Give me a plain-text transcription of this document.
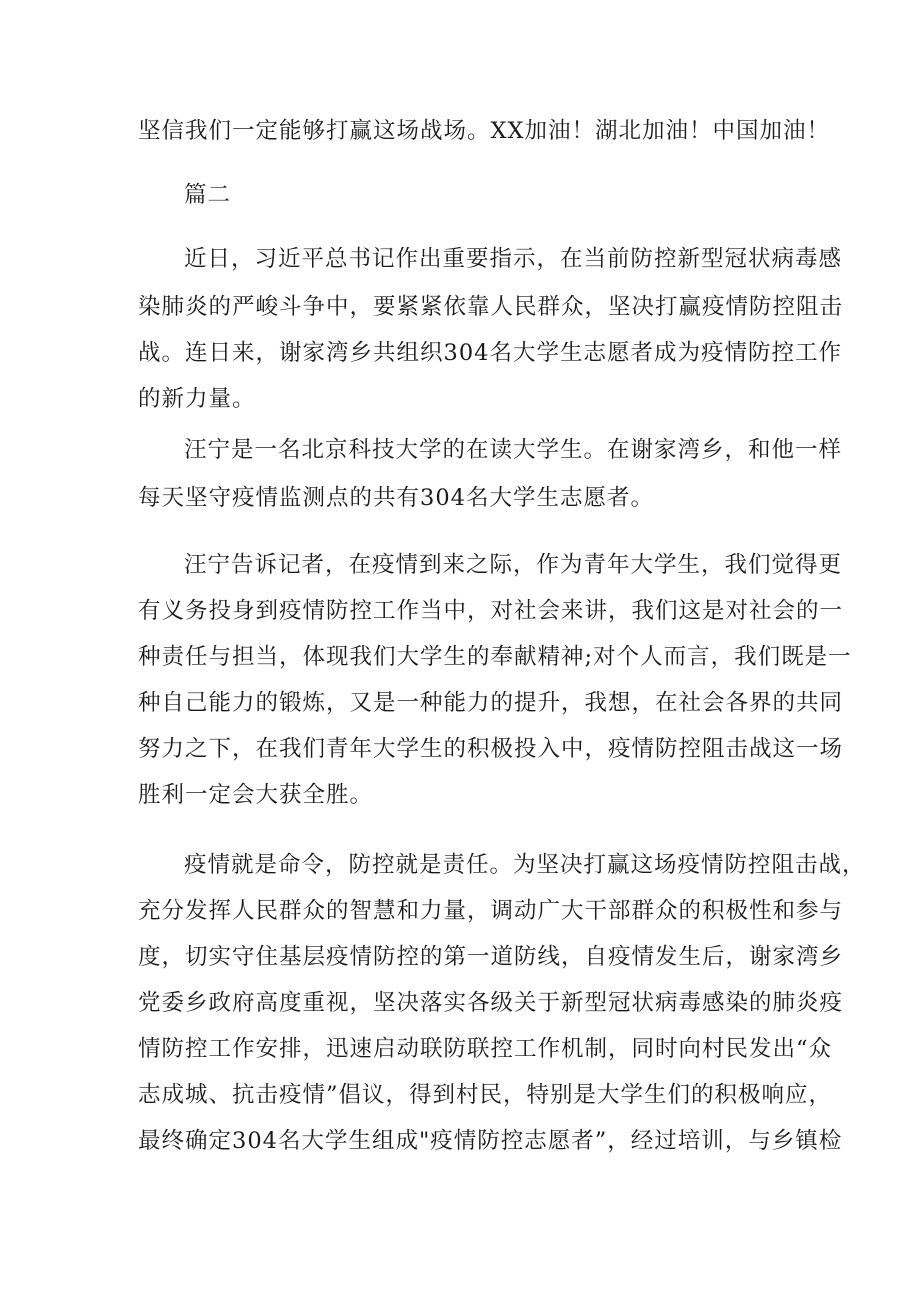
坚信我们一定能够打赢这场战场。XX加油！湖北加油！中国加油！
篇二
近日，习近平总书记作出重要指示，在当前防控新型冠状病毒感
染肺炎的严峻斗争中，要紧紧依靠人民群众，坚决打赢疫情防控阻击
战。连日来，谢家湾乡共组织304名大学生志愿者成为疫情防控工作
的新力量。
汪宁是一名北京科技大学的在读大学生。在谢家湾乡，和他一样
每天坚守疫情监测点的共有304名大学生志愿者。
汪宁告诉记者，在疫情到来之际，作为青年大学生，我们觉得更
有义务投身到疫情防控工作当中，对社会来讲，我们这是对社会的一
种责任与担当，体现我们大学生的奉献精神;对个人而言，我们既是一
种自己能力的锻炼，又是一种能力的提升，我想，在社会各界的共同
努力之下，在我们青年大学生的积极投入中，疫情防控阻击战这一场
胜利一定会大获全胜。
疫情就是命令，防控就是责任。为坚决打赢这场疫情防控阻击战，
充分发挥人民群众的智慧和力量，调动广大干部群众的积极性和参与
度，切实守住基层疫情防控的第一道防线，自疫情发生后，谢家湾乡
党委乡政府高度重视，坚决落实各级关于新型冠状病毒感染的肺炎疫
情防控工作安排，迅速启动联防联控工作机制，同时向村民发出“众
志成城、抗击疫情”倡议，得到村民，特别是大学生们的积极响应，
最终确定304名大学生组成"疫情防控志愿者”，经过培训，与乡镇检
